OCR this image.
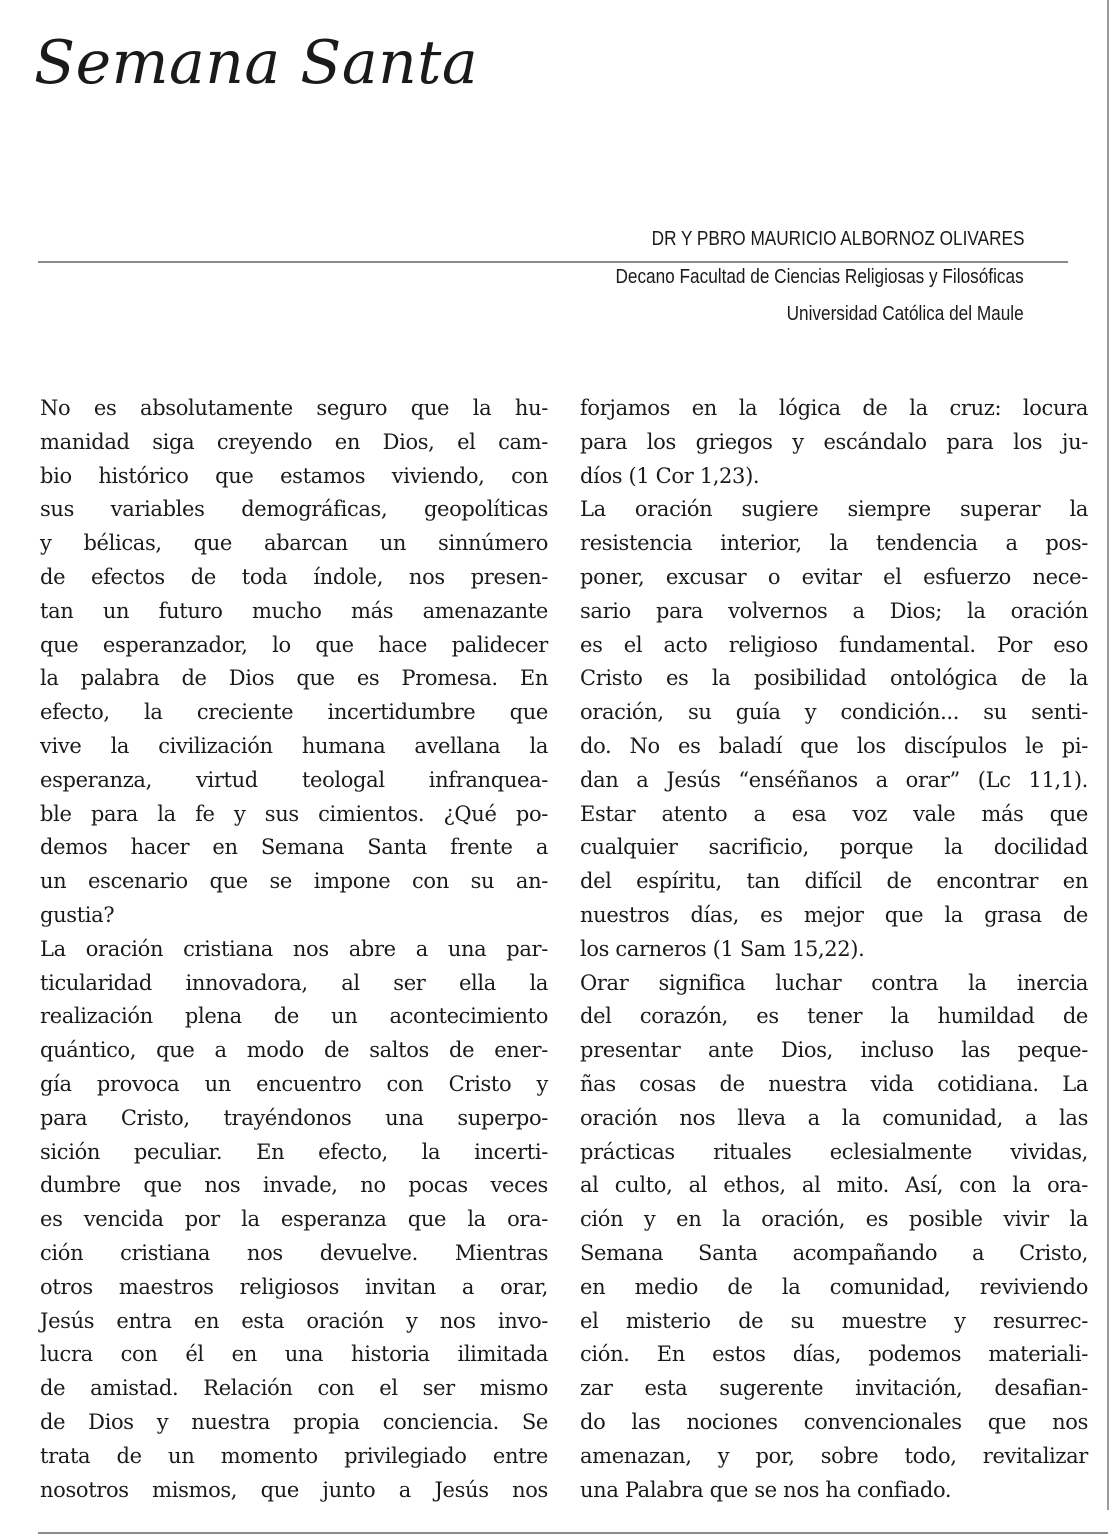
Semana Santa
DR Y PBRO MAURICIO ALBORNOZ OLIVARES
Decano Facultad de Ciencias Religiosas y Filosóficas
Universidad Católica del Maule
No es absolutamente seguro que la hu-
manidad siga creyendo en Dios, el cam-
bio histórico que estamos viviendo, con
sus variables demográficas, geopolíticas
y bélicas, que abarcan un sinnúmero
de efectos de toda índole, nos presen-
tan un futuro mucho más amenazante
que esperanzador, lo que hace palidecer
la palabra de Dios que es Promesa. En
efecto, la creciente incertidumbre que
vive la civilización humana avellana la
esperanza, virtud teologal infranquea-
ble para la fe y sus cimientos. ¿Qué po-
demos hacer en Semana Santa frente a
un escenario que se impone con su an-
gustia?
La oración cristiana nos abre a una par-
ticularidad innovadora, al ser ella la
realización plena de un acontecimiento
quántico, que a modo de saltos de ener-
gía provoca un encuentro con Cristo y
para Cristo, trayéndonos una superpo-
sición peculiar. En efecto, la incerti-
dumbre que nos invade, no pocas veces
es vencida por la esperanza que la ora-
ción cristiana nos devuelve. Mientras
otros maestros religiosos invitan a orar,
Jesús entra en esta oración y nos invo-
lucra con él en una historia ilimitada
de amistad. Relación con el ser mismo
de Dios y nuestra propia conciencia. Se
trata de un momento privilegiado entre
nosotros mismos, que junto a Jesús nos
forjamos en la lógica de la cruz: locura
para los griegos y escándalo para los ju-
díos (1 Cor 1,23).
La oración sugiere siempre superar la
resistencia interior, la tendencia a pos-
poner, excusar o evitar el esfuerzo nece-
sario para volvernos a Dios; la oración
es el acto religioso fundamental. Por eso
Cristo es la posibilidad ontológica de la
oración, su guía y condición... su senti-
do. No es baladí que los discípulos le pi-
dan a Jesús “enséñanos a orar” (Lc 11,1).
Estar atento a esa voz vale más que
cualquier sacrificio, porque la docilidad
del espíritu, tan difícil de encontrar en
nuestros días, es mejor que la grasa de
los carneros (1 Sam 15,22).
Orar significa luchar contra la inercia
del corazón, es tener la humildad de
presentar ante Dios, incluso las peque-
ñas cosas de nuestra vida cotidiana. La
oración nos lleva a la comunidad, a las
prácticas rituales eclesialmente vividas,
al culto, al ethos, al mito. Así, con la ora-
ción y en la oración, es posible vivir la
Semana Santa acompañando a Cristo,
en medio de la comunidad, reviviendo
el misterio de su muestre y resurrec-
ción. En estos días, podemos materiali-
zar esta sugerente invitación, desafian-
do las nociones convencionales que nos
amenazan, y por, sobre todo, revitalizar
una Palabra que se nos ha confiado.
